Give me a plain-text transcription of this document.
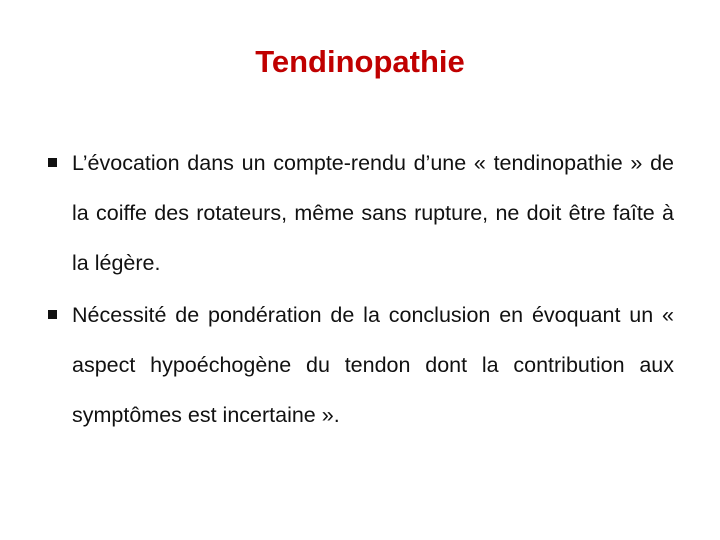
Tendinopathie
L’évocation dans un compte-rendu d’une « tendinopathie » de la coiffe des rotateurs, même sans rupture, ne doit être faîte à la légère.
Nécessité de pondération de la conclusion en évoquant un « aspect hypoéchogène du tendon dont la contribution aux symptômes est incertaine ».
